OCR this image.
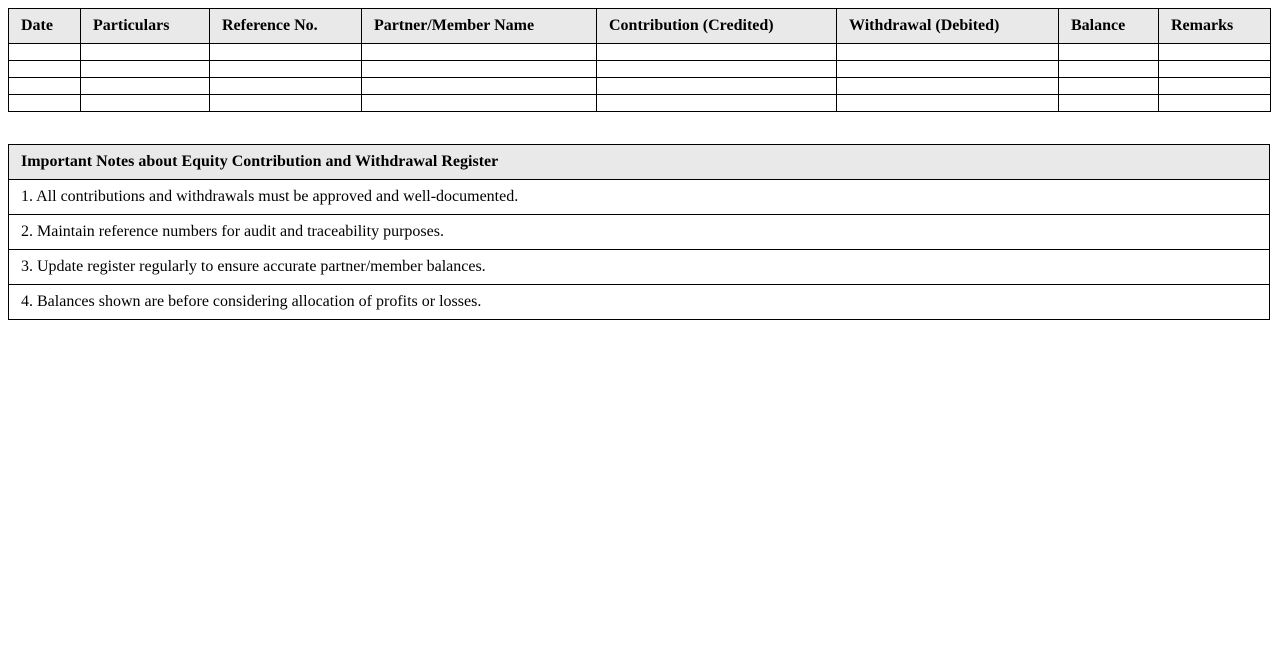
Date	Particulars	Reference No.	Partner/Member Name	Contribution (Credited)	Withdrawal (Debited)	Balance	Remarks

Important Notes about Equity Contribution and Withdrawal Register
1. All contributions and withdrawals must be approved and well-documented.
2. Maintain reference numbers for audit and traceability purposes.
3. Update register regularly to ensure accurate partner/member balances.
4. Balances shown are before considering allocation of profits or losses.
